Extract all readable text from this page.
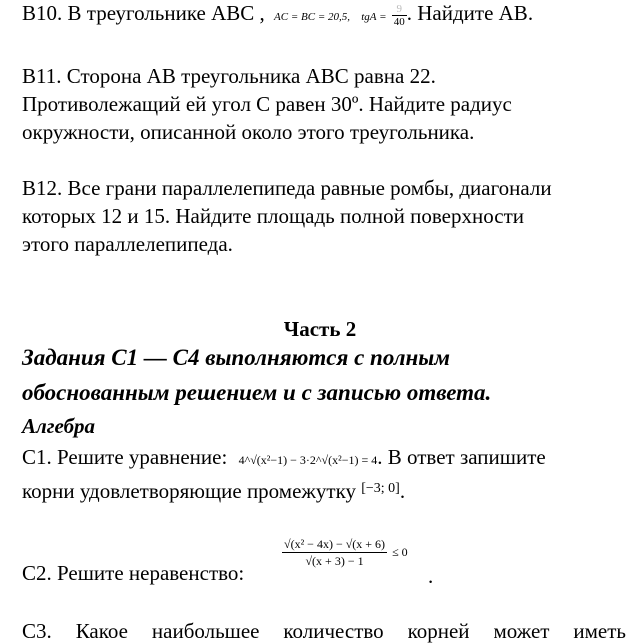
В10. В треугольнике АВС , AC = BC = 20,5, tgA = $\frac{9}{40}$ . Найдите АВ.
В11. Сторона АВ треугольника АВС равна 22.
Противолежащий ей угол С равен 30º. Найдите радиус
окружности, описанной около этого треугольника.
В12. Все грани параллелепипеда равные ромбы, диагонали
которых 12 и 15. Найдите площадь полной поверхности
этого параллелепипеда.
Часть 2
Задания С1 — С4 выполняются с полным
обоснованным решением и с записью ответа.
Алгебра
С1. Решите уравнение: 4^√(x²−1) − 3·2^√(x²−1) = 4. В ответ запишите
корни удовлетворяющие промежутку [−3; 0].
С2. Решите неравенство:
$\frac{\text{√(x² − 4x) − √(x + 6)}}{√(x + 3) - 1} \le 0$
.
С3. Какое наибольшее количество корней может иметь
